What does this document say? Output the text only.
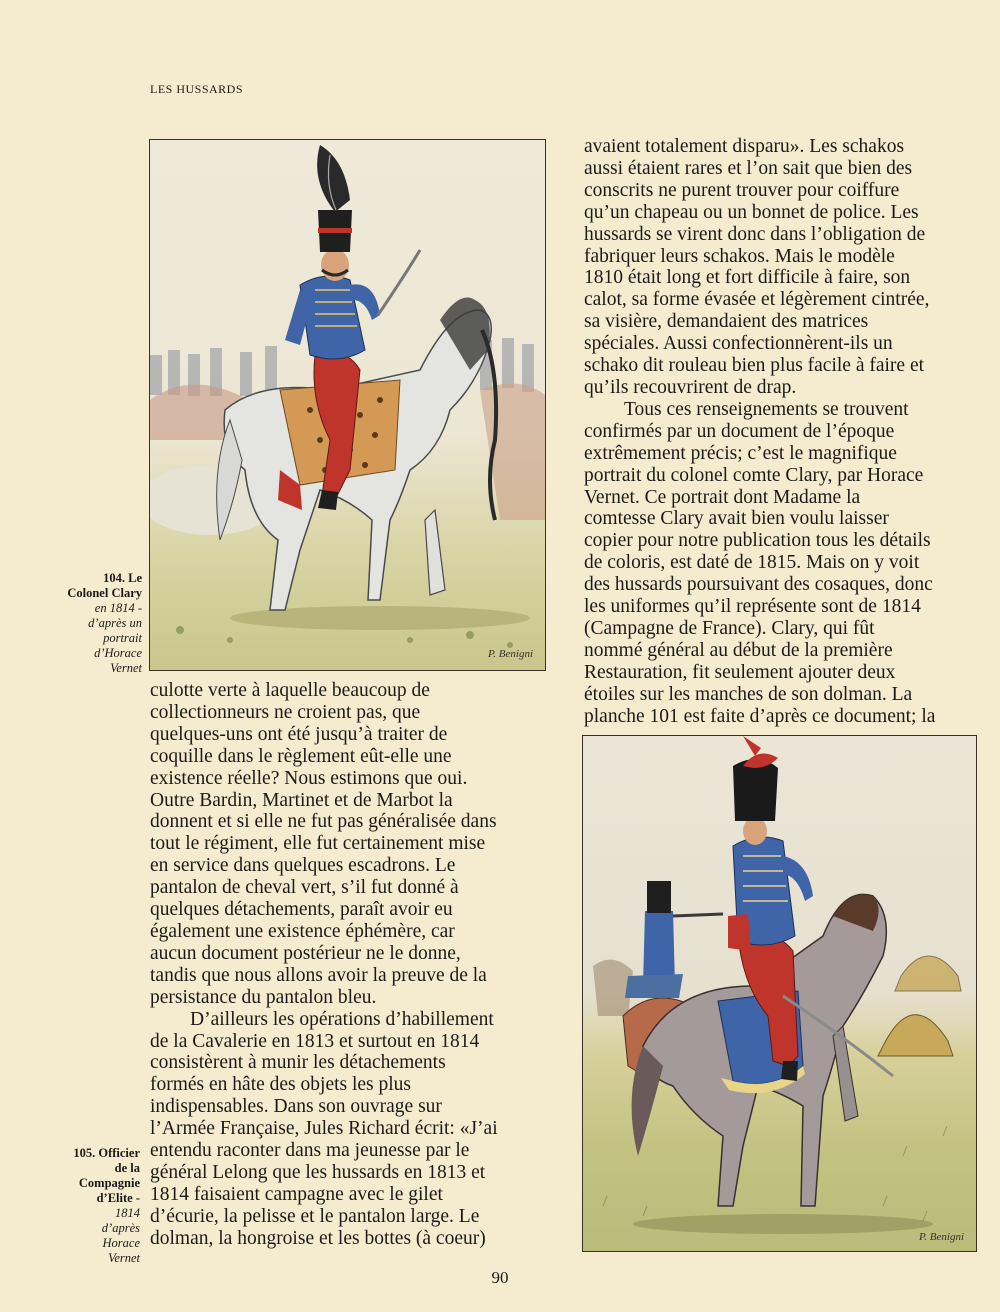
LES HUSSARDS
P. Benigni
104. Le
Colonel Clary
en 1814 -
d’après un
portrait
d’Horace
Vernet

avaient totalement disparu». Les schakos

aussi étaient rares et l’on sait que bien des

conscrits ne purent trouver pour coiffure

qu’un chapeau ou un bonnet de police. Les

hussards se virent donc dans l’obligation de

fabriquer leurs schakos. Mais le modèle

1810 était long et fort difficile à faire, son

calot, sa forme évasée et légèrement cintrée,

sa visière, demandaient des matrices

spéciales. Aussi confectionnèrent-ils un

schako dit rouleau bien plus facile à faire et

qu’ils recouvrirent de drap.

Tous ces renseignements se trouvent

confirmés par un document de l’époque

extrêmement précis; c’est le magnifique

portrait du colonel comte Clary, par Horace

Vernet. Ce portrait dont Madame la

comtesse Clary avait bien voulu laisser

copier pour notre publication tous les détails

de coloris, est daté de 1815. Mais on y voit

des hussards poursuivant des cosaques, donc

les uniformes qu’il représente sont de 1814

(Campagne de France). Clary, qui fût

nommé général au début de la première

Restauration, fit seulement ajouter deux

étoiles sur les manches de son dolman. La

planche 101 est faite d’après ce document; la

culotte verte à laquelle beaucoup de

collectionneurs ne croient pas, que

quelques-uns ont été jusqu’à traiter de

coquille dans le règlement eût-elle une

existence réelle? Nous estimons que oui.

Outre Bardin, Martinet et de Marbot la

donnent et si elle ne fut pas généralisée dans

tout le régiment, elle fut certainement mise

en service dans quelques escadrons. Le

pantalon de cheval vert, s’il fut donné à

quelques détachements, paraît avoir eu

également une existence éphémère, car

aucun document postérieur ne le donne,

tandis que nous allons avoir la preuve de la

persistance du pantalon bleu.

D’ailleurs les opérations d’habillement

de la Cavalerie en 1813 et surtout en 1814

consistèrent à munir les détachements

formés en hâte des objets les plus

indispensables. Dans son ouvrage sur

l’Armée Française, Jules Richard écrit: «J’ai

entendu raconter dans ma jeunesse par le

général Lelong que les hussards en 1813 et

1814 faisaient campagne avec le gilet

d’écurie, la pelisse et le pantalon large. Le

dolman, la hongroise et les bottes (à coeur)	P. Benigni
105. Officier
de la
Compagnie
d’Elite -
1814
d’après
Horace
Vernet
90
